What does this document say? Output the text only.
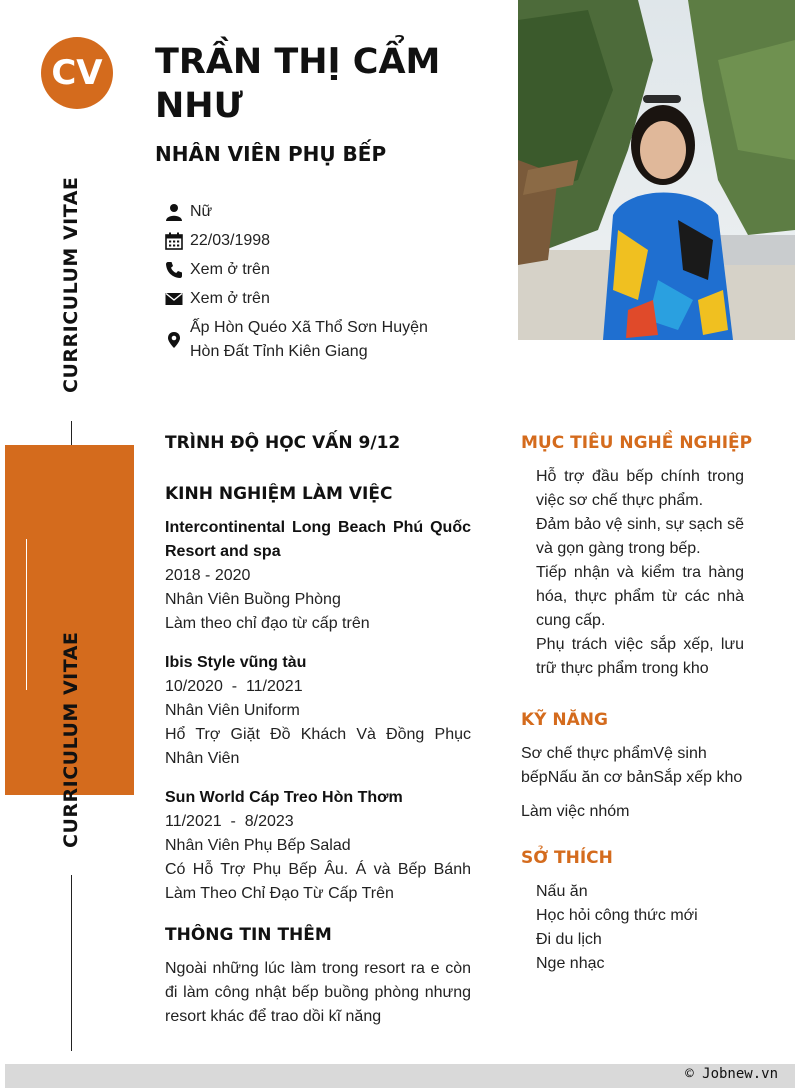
CV
CURRICULUM VITAE
CURRICULUM VITAE
TRẦN THỊ CẨM NHƯ
NHÂN VIÊN PHỤ BẾP
Nữ
22/03/1998
Xem ở trên
Xem ở trên
Ấp Hòn Quéo Xã Thổ Sơn Huyện Hòn Đất Tỉnh Kiên Giang
TRÌNH ĐỘ HỌC VẤN 9/12
KINH NGHIỆM LÀM VIỆC
Intercontinental Long Beach Phú Quốc Resort and spa
2018 - 2020
Nhân Viên Buồng Phòng
Làm theo chỉ đạo từ cấp trên
Ibis Style vũng tàu
10/2020  -  11/2021
Nhân Viên Uniform
Hổ Trợ Giặt Đồ Khách Và Đồng Phục Nhân Viên
Sun World Cáp Treo Hòn Thơm
11/2021  -  8/2023
Nhân Viên Phụ Bếp Salad
Có Hỗ Trợ Phụ Bếp Âu. Á và Bếp Bánh Làm Theo Chỉ Đạo Từ Cấp Trên
THÔNG TIN THÊM
Ngoài những lúc làm trong resort ra e còn đi làm công nhật bếp buồng phòng nhưng resort khác để trao dồi kĩ năng
MỤC TIÊU NGHỀ NGHIỆP
Hỗ trợ đầu bếp chính trong việc sơ chế thực phẩm.
Đảm bảo vệ sinh, sự sạch sẽ và gọn gàng trong bếp.
Tiếp nhận và kiểm tra hàng hóa, thực phẩm từ các nhà cung cấp.
Phụ trách việc sắp xếp, lưu trữ thực phẩm trong kho
KỸ NĂNG
Sơ chế thực phẩmVệ sinh bếpNấu ăn cơ bảnSắp xếp kho
Làm việc nhóm
SỞ THÍCH
Nấu ăn
Học hỏi công thức mới
Đi du lịch
Nge nhạc
© Jobnew.vn
